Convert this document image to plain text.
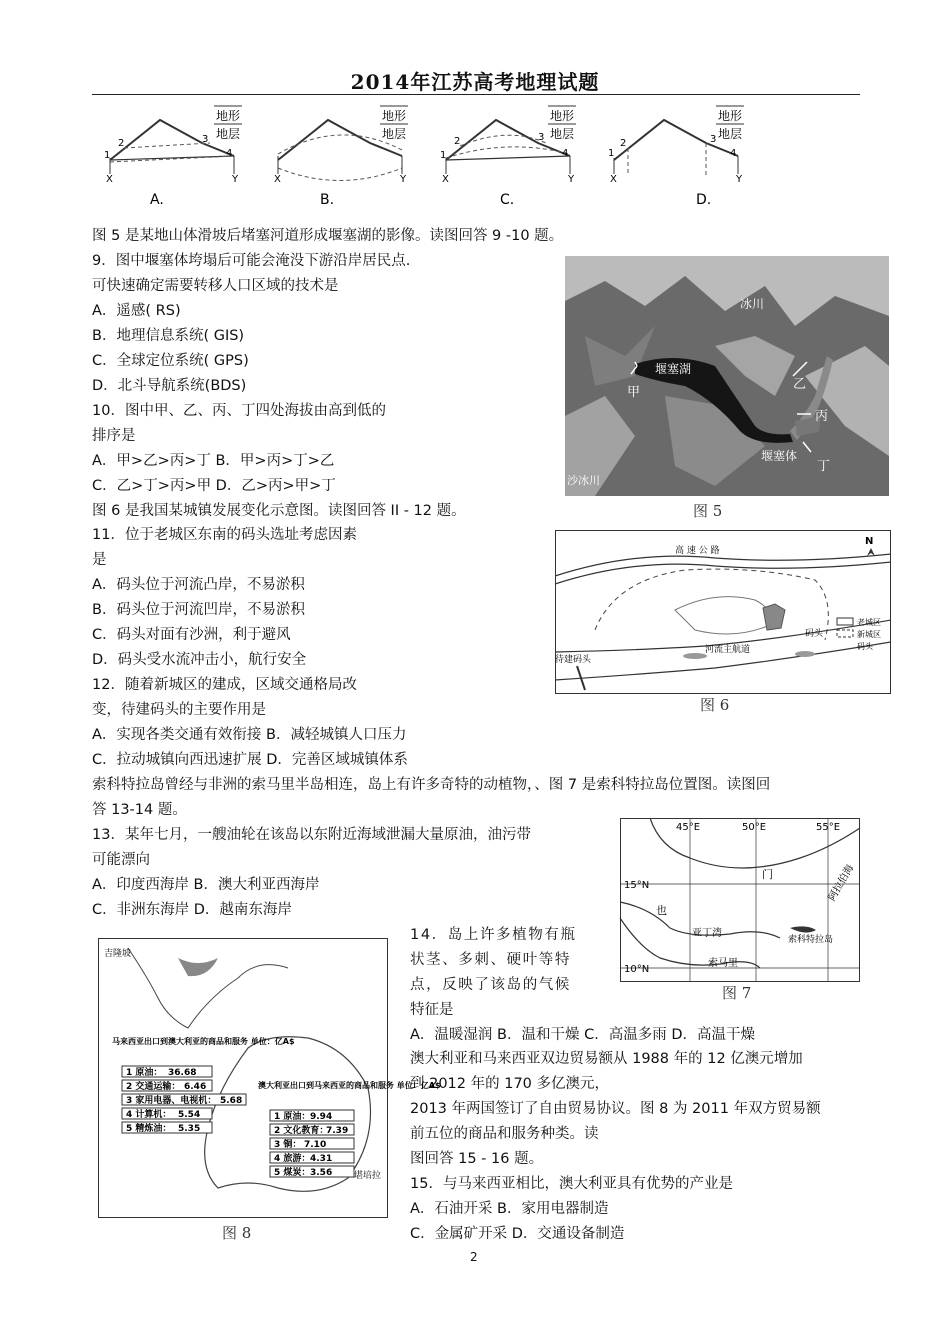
2014年江苏高考地理试题
1
2	3
4
X	Y
地形
地层
A.
X	Y
地形
地层
B.
1
2	3
4
X	Y
地形
地层
C.
1
2	3
4
X	Y
地形
地层
D.
图 5 是某地山体滑坡后堵塞河道形成堰塞湖的影像。读图回答 9 -10 题。
9．图中堰塞体垮塌后可能会淹没下游沿岸居民点.
可快速确定需要转移人口区域的技术是
A．遥感( RS)
B．地理信息系统( GIS)
C．全球定位系统( GPS)
D．北斗导航系统(BDS)
10．图中甲、乙、丙、丁四处海拔由高到低的
排序是
A．甲>乙>丙>丁 B．甲>丙>丁>乙
C．乙>丁>丙>甲 D．乙>丙>甲>丁
图 6 是我国某城镇发展变化示意图。读图回答 II - 12 题。
11．位于老城区东南的码头选址考虑因素
是
A．码头位于河流凸岸，不易淤积
B．码头位于河流凹岸，不易淤积
C．码头对面有沙洲，利于避风
D．码头受水流冲击小，航行安全
12．随着新城区的建成，区域交通格局改
变，待建码头的主要作用是
A．实现各类交通有效衔接 B．减轻城镇人口压力
C．拉动城镇向西迅速扩展 D．完善区域城镇体系
索科特拉岛曾经与非洲的索马里半岛相连，岛上有许多奇特的动植物，、图 7 是索科特拉岛位置图。读图回
答 13-14 题。
13．某年七月，一艘油轮在该岛以东附近海域泄漏大量原油，油污带
可能漂向
A．印度西海岸 B．澳大利亚西海岸
C．非洲东海岸 D．越南东海岸
14．岛上许多植物有瓶
状茎、多刺、硬叶等特
点，反映了该岛的气候
特征是
A．温暖湿润 B．温和干燥 C．高温多雨 D．高温干燥
澳大利亚和马来西亚双边贸易额从 1988 年的 12 亿澳元增加
到 2012 年的 170 多亿澳元，
2013 年两国签订了自由贸易协议。图 8 为 2011 年双方贸易额
前五位的商品和服务种类。读
图回答 15 - 16 题。
15．与马来西亚相比，澳大利亚具有优势的产业是
A．石油开采 B．家用电器制造
C．金属矿开采 D．交通设备制造
冰川
堰塞湖
甲
乙
丙
堰塞体
丁
沙冰川
图 5
高 速 公 路
N
河流主航道
码头
待建码头
老城区
新城区
码头
图 6
45°E	50°E	55°E
15°N
10°N
门
也
亚丁湾
索科特拉岛
索马里
阿拉伯海
图 7
吉隆坡
堪培拉
马来西亚出口到澳大利亚的商品和服务 单位：亿A$
1 原油： 36.68
2 交通运输： 6.46
3 家用电器、电视机： 5.68
4 计算机： 5.54
5 精炼油： 5.35
澳大利亚出口到马来西亚的商品和服务 单位：亿A$
1 原油： 9.94
2 文化教育：
7.39
3 铜： 7.10
4 旅游： 4.31
5 煤炭： 3.56
图 8
2
